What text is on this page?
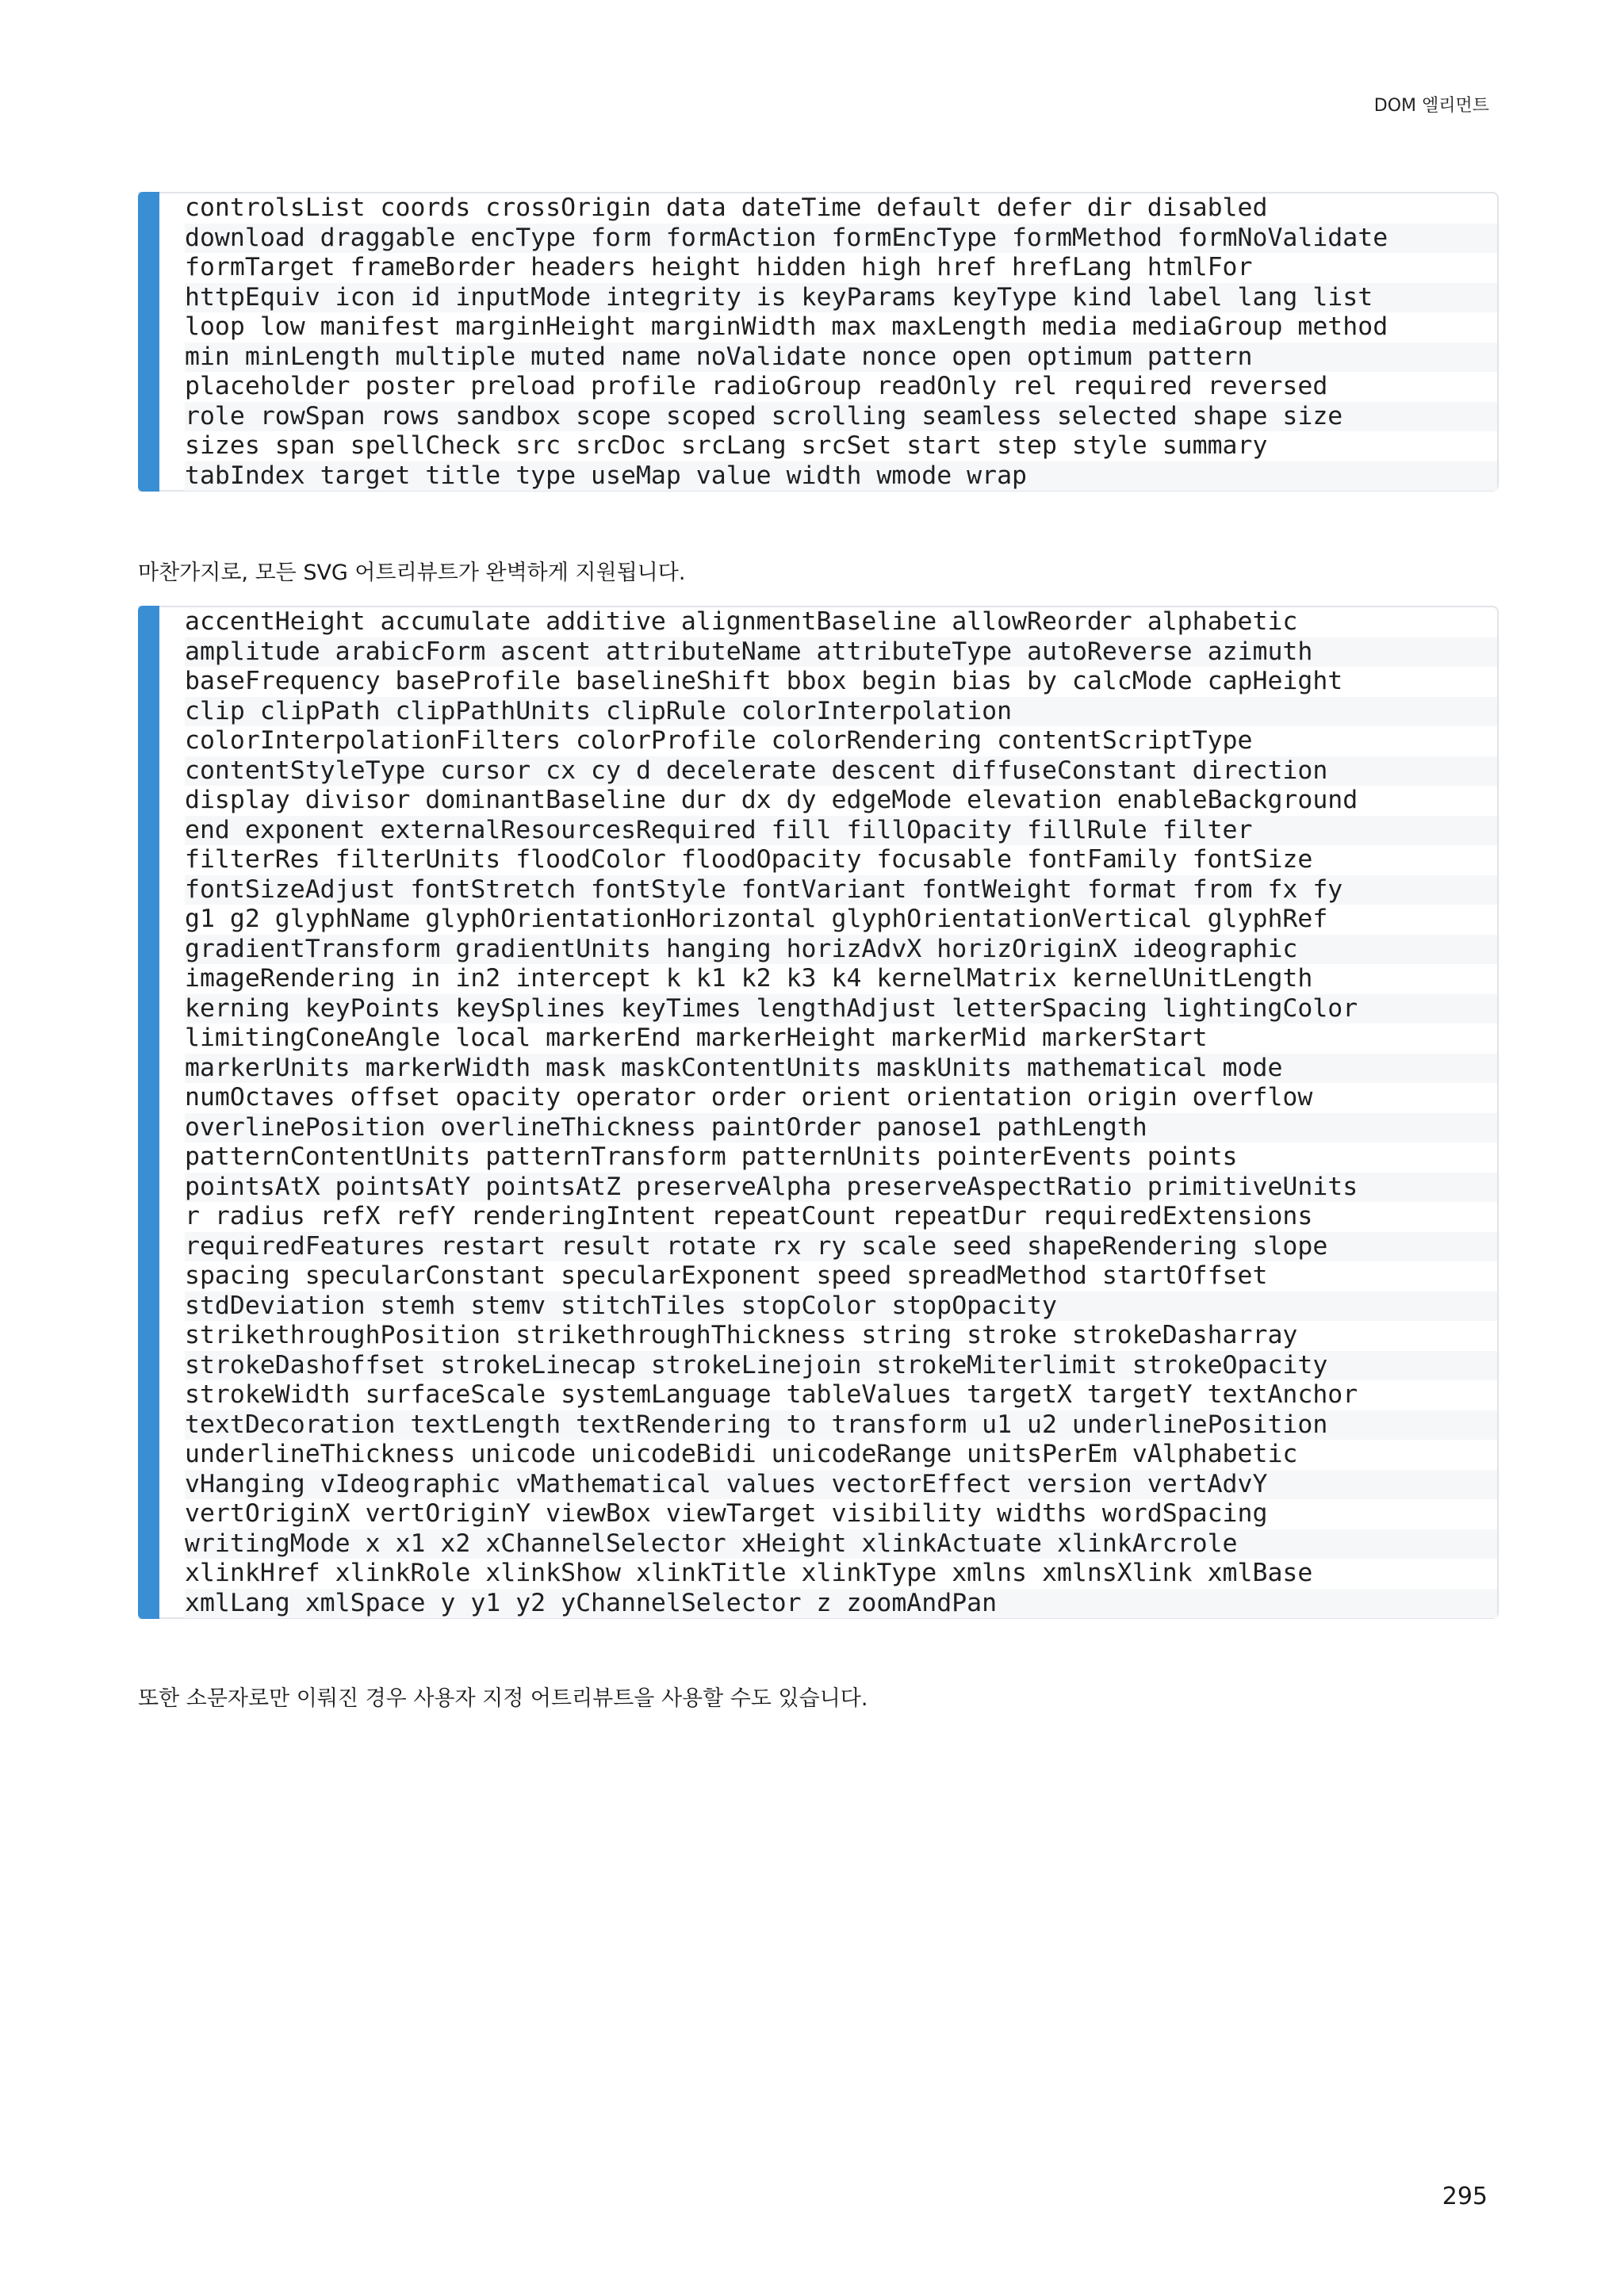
DOM 엘리먼트
controlsList coords crossOrigin data dateTime default defer dir disabled
download draggable encType form formAction formEncType formMethod formNoValidate
formTarget frameBorder headers height hidden high href hrefLang htmlFor
httpEquiv icon id inputMode integrity is keyParams keyType kind label lang list
loop low manifest marginHeight marginWidth max maxLength media mediaGroup method
min minLength multiple muted name noValidate nonce open optimum pattern
placeholder poster preload profile radioGroup readOnly rel required reversed
role rowSpan rows sandbox scope scoped scrolling seamless selected shape size
sizes span spellCheck src srcDoc srcLang srcSet start step style summary
tabIndex target title type useMap value width wmode wrap

마찬가지로, 모든 SVG 어트리뷰트가 완벽하게 지원됩니다.

accentHeight accumulate additive alignmentBaseline allowReorder alphabetic
amplitude arabicForm ascent attributeName attributeType autoReverse azimuth
baseFrequency baseProfile baselineShift bbox begin bias by calcMode capHeight
clip clipPath clipPathUnits clipRule colorInterpolation
colorInterpolationFilters colorProfile colorRendering contentScriptType
contentStyleType cursor cx cy d decelerate descent diffuseConstant direction
display divisor dominantBaseline dur dx dy edgeMode elevation enableBackground
end exponent externalResourcesRequired fill fillOpacity fillRule filter
filterRes filterUnits floodColor floodOpacity focusable fontFamily fontSize
fontSizeAdjust fontStretch fontStyle fontVariant fontWeight format from fx fy
g1 g2 glyphName glyphOrientationHorizontal glyphOrientationVertical glyphRef
gradientTransform gradientUnits hanging horizAdvX horizOriginX ideographic
imageRendering in in2 intercept k k1 k2 k3 k4 kernelMatrix kernelUnitLength
kerning keyPoints keySplines keyTimes lengthAdjust letterSpacing lightingColor
limitingConeAngle local markerEnd markerHeight markerMid markerStart
markerUnits markerWidth mask maskContentUnits maskUnits mathematical mode
numOctaves offset opacity operator order orient orientation origin overflow
overlinePosition overlineThickness paintOrder panose1 pathLength
patternContentUnits patternTransform patternUnits pointerEvents points
pointsAtX pointsAtY pointsAtZ preserveAlpha preserveAspectRatio primitiveUnits
r radius refX refY renderingIntent repeatCount repeatDur requiredExtensions
requiredFeatures restart result rotate rx ry scale seed shapeRendering slope
spacing specularConstant specularExponent speed spreadMethod startOffset
stdDeviation stemh stemv stitchTiles stopColor stopOpacity
strikethroughPosition strikethroughThickness string stroke strokeDasharray
strokeDashoffset strokeLinecap strokeLinejoin strokeMiterlimit strokeOpacity
strokeWidth surfaceScale systemLanguage tableValues targetX targetY textAnchor
textDecoration textLength textRendering to transform u1 u2 underlinePosition
underlineThickness unicode unicodeBidi unicodeRange unitsPerEm vAlphabetic
vHanging vIdeographic vMathematical values vectorEffect version vertAdvY
vertOriginX vertOriginY viewBox viewTarget visibility widths wordSpacing
writingMode x x1 x2 xChannelSelector xHeight xlinkActuate xlinkArcrole
xlinkHref xlinkRole xlinkShow xlinkTitle xlinkType xmlns xmlnsXlink xmlBase
xmlLang xmlSpace y y1 y2 yChannelSelector z zoomAndPan

또한 소문자로만 이뤄진 경우 사용자 지정 어트리뷰트을 사용할 수도 있습니다.

295
